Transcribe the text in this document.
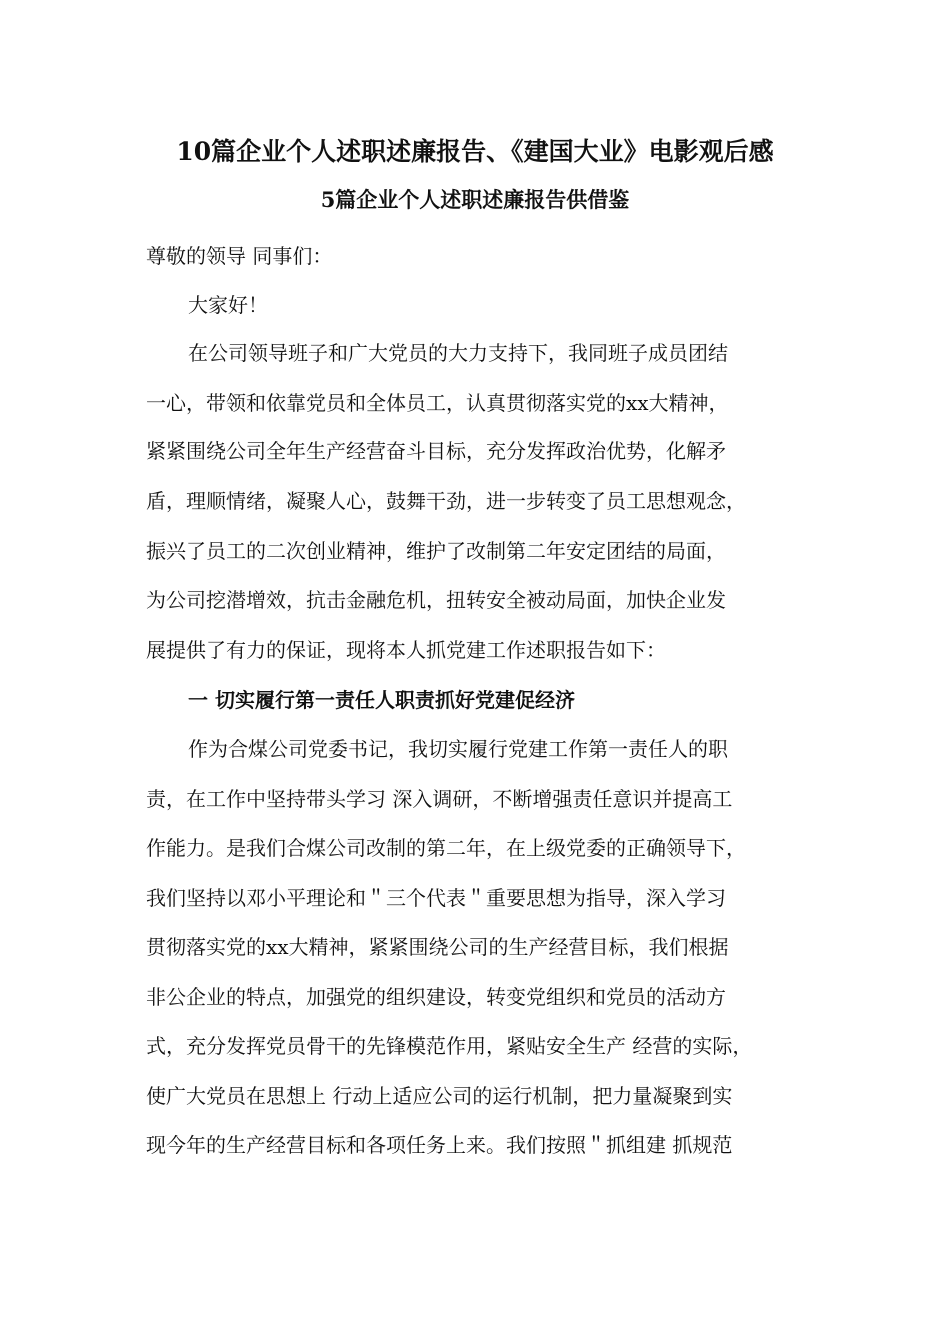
10篇企业个人述职述廉报告、《建国大业》电影观后感
5篇企业个人述职述廉报告供借鉴
尊敬的领导 同事们：
大家好！
在公司领导班子和广大党员的大力支持下，我同班子成员团结
一心，带领和依靠党员和全体员工，认真贯彻落实党的xx大精神，
紧紧围绕公司全年生产经营奋斗目标，充分发挥政治优势，化解矛
盾，理顺情绪，凝聚人心，鼓舞干劲，进一步转变了员工思想观念，
振兴了员工的二次创业精神，维护了改制第二年安定团结的局面，
为公司挖潜增效，抗击金融危机，扭转安全被动局面，加快企业发
展提供了有力的保证，现将本人抓党建工作述职报告如下：
一 切实履行第一责任人职责抓好党建促经济
作为合煤公司党委书记，我切实履行党建工作第一责任人的职
责，在工作中坚持带头学习 深入调研，不断增强责任意识并提高工
作能力。是我们合煤公司改制的第二年，在上级党委的正确领导下，
我们坚持以邓小平理论和＂三个代表＂重要思想为指导，深入学习
贯彻落实党的xx大精神，紧紧围绕公司的生产经营目标，我们根据
非公企业的特点，加强党的组织建设，转变党组织和党员的活动方
式，充分发挥党员骨干的先锋模范作用，紧贴安全生产 经营的实际，
使广大党员在思想上 行动上适应公司的运行机制，把力量凝聚到实
现今年的生产经营目标和各项任务上来。我们按照＂抓组建 抓规范
